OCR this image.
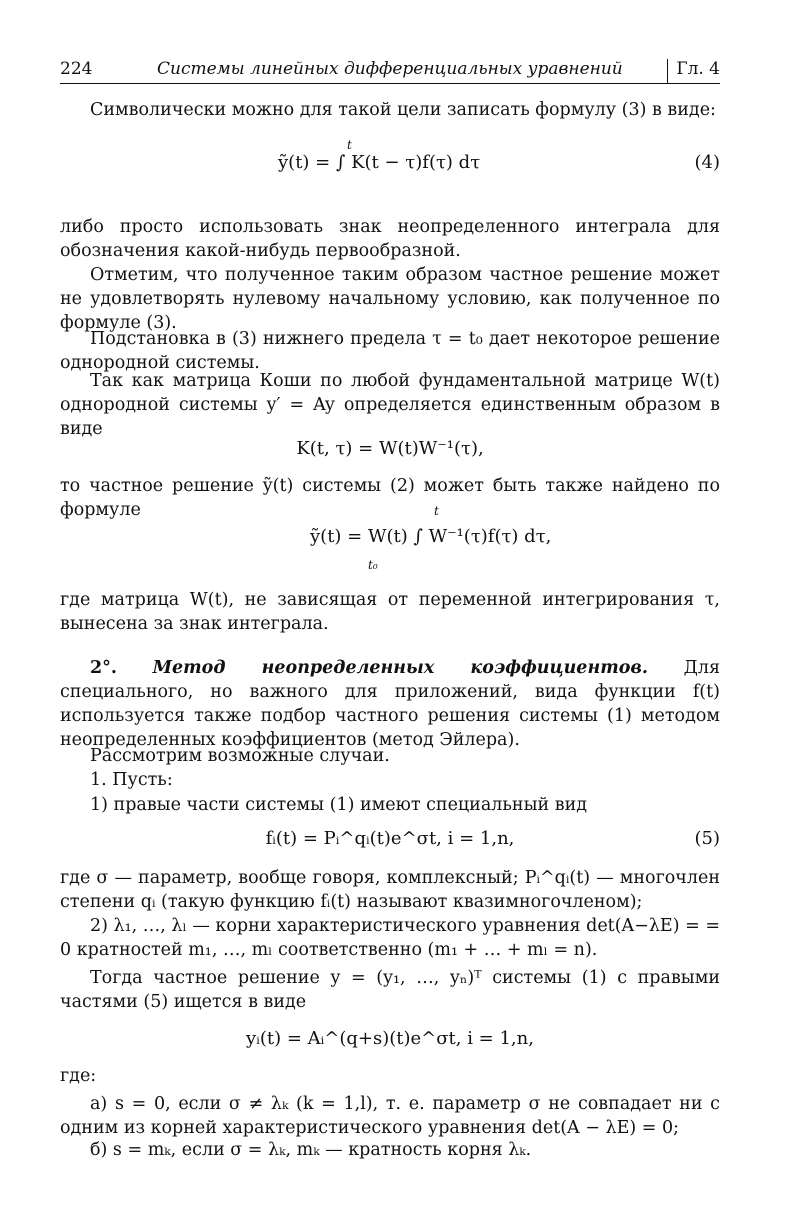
224	Системы линейных дифференциальных уравнений	Гл. 4

Символически можно для такой цели записать формулу (3) в виде:

t
ỹ(t) = ∫ K(t − τ)f(τ) dτ	(4)

либо просто использовать знак неопределенного интеграла для обозначения какой-нибудь первообразной.

Отметим, что полученное таким образом частное решение может не удовлетворять нулевому начальному условию, как полученное по формуле (3).

Подстановка в (3) нижнего предела τ = t₀ дает некоторое решение однородной системы.

Так как матрица Коши по любой фундаментальной матрице W(t) однородной системы y′ = Ay определяется единственным образом в виде

K(t, τ) = W(t)W⁻¹(τ),

то частное решение ỹ(t) системы (2) может быть также найдено по формуле	t
ỹ(t) = W(t) ∫ W⁻¹(τ)f(τ) dτ,
t₀

где матрица W(t), не зависящая от переменной интегрирования τ, вынесена за знак интеграла.

2°. Метод неопределенных коэффициентов. Для специального, но важного для приложений, вида функции f(t) используется также подбор частного решения системы (1) методом неопределенных коэффициентов (метод Эйлера).

Рассмотрим возможные случаи.

1. Пусть:

1) правые части системы (1) имеют специальный вид

fᵢ(t) = Pᵢ^qᵢ(t)e^σt, i = 1,n,	(5)

где σ — параметр, вообще говоря, комплексный; Pᵢ^qᵢ(t) — многочлен степени qᵢ (такую функцию fᵢ(t) называют квазимногочленом);

2) λ₁, …, λₗ — корни характеристического уравнения det(A−λE) = = 0 кратностей m₁, …, mₗ соответственно (m₁ + … + mₗ = n).

Тогда частное решение y = (y₁, …, yₙ)ᵀ системы (1) с правыми частями (5) ищется в виде

yᵢ(t) = Aᵢ^(q+s)(t)e^σt, i = 1,n,

где:

а) s = 0, если σ ≠ λₖ (k = 1,l), т. е. параметр σ не совпадает ни с одним из корней характеристического уравнения det(A − λE) = 0;

б) s = mₖ, если σ = λₖ, mₖ — кратность корня λₖ.
